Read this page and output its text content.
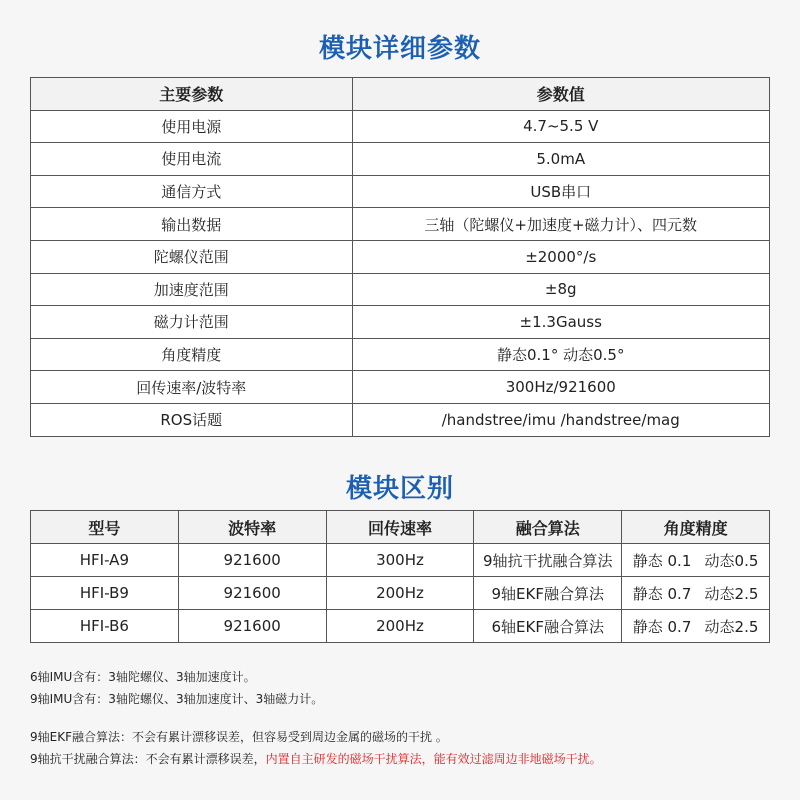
模块详细参数
主要参数	参数值
使用电源	4.7~5.5 V
使用电流	5.0mA
通信方式	USB串口
输出数据	三轴（陀螺仪+加速度+磁力计）、四元数
陀螺仪范围	±2000°/s
加速度范围	±8g
磁力计范围	±1.3Gauss
角度精度	静态0.1° 动态0.5°
回传速率/波特率	300Hz/921600
ROS话题	/handstree/imu /handstree/mag
模块区别
型号	波特率	回传速率	融合算法	角度精度
HFI-A9	921600	300Hz	9轴抗干扰融合算法	静态 0.1 动态0.5

HFI-B9	921600	200Hz	9轴EKF融合算法	静态 0.7 动态2.5

HFI-B6	921600	200Hz	6轴EKF融合算法	静态 0.7 动态2.5
6轴IMU含有：3轴陀螺仪、3轴加速度计。
9轴IMU含有：3轴陀螺仪、3轴加速度计、3轴磁力计。
9轴EKF融合算法：不会有累计漂移误差，但容易受到周边金属的磁场的干扰 。
9轴抗干扰融合算法：不会有累计漂移误差，内置自主研发的磁场干扰算法，能有效过滤周边非地磁场干扰。
